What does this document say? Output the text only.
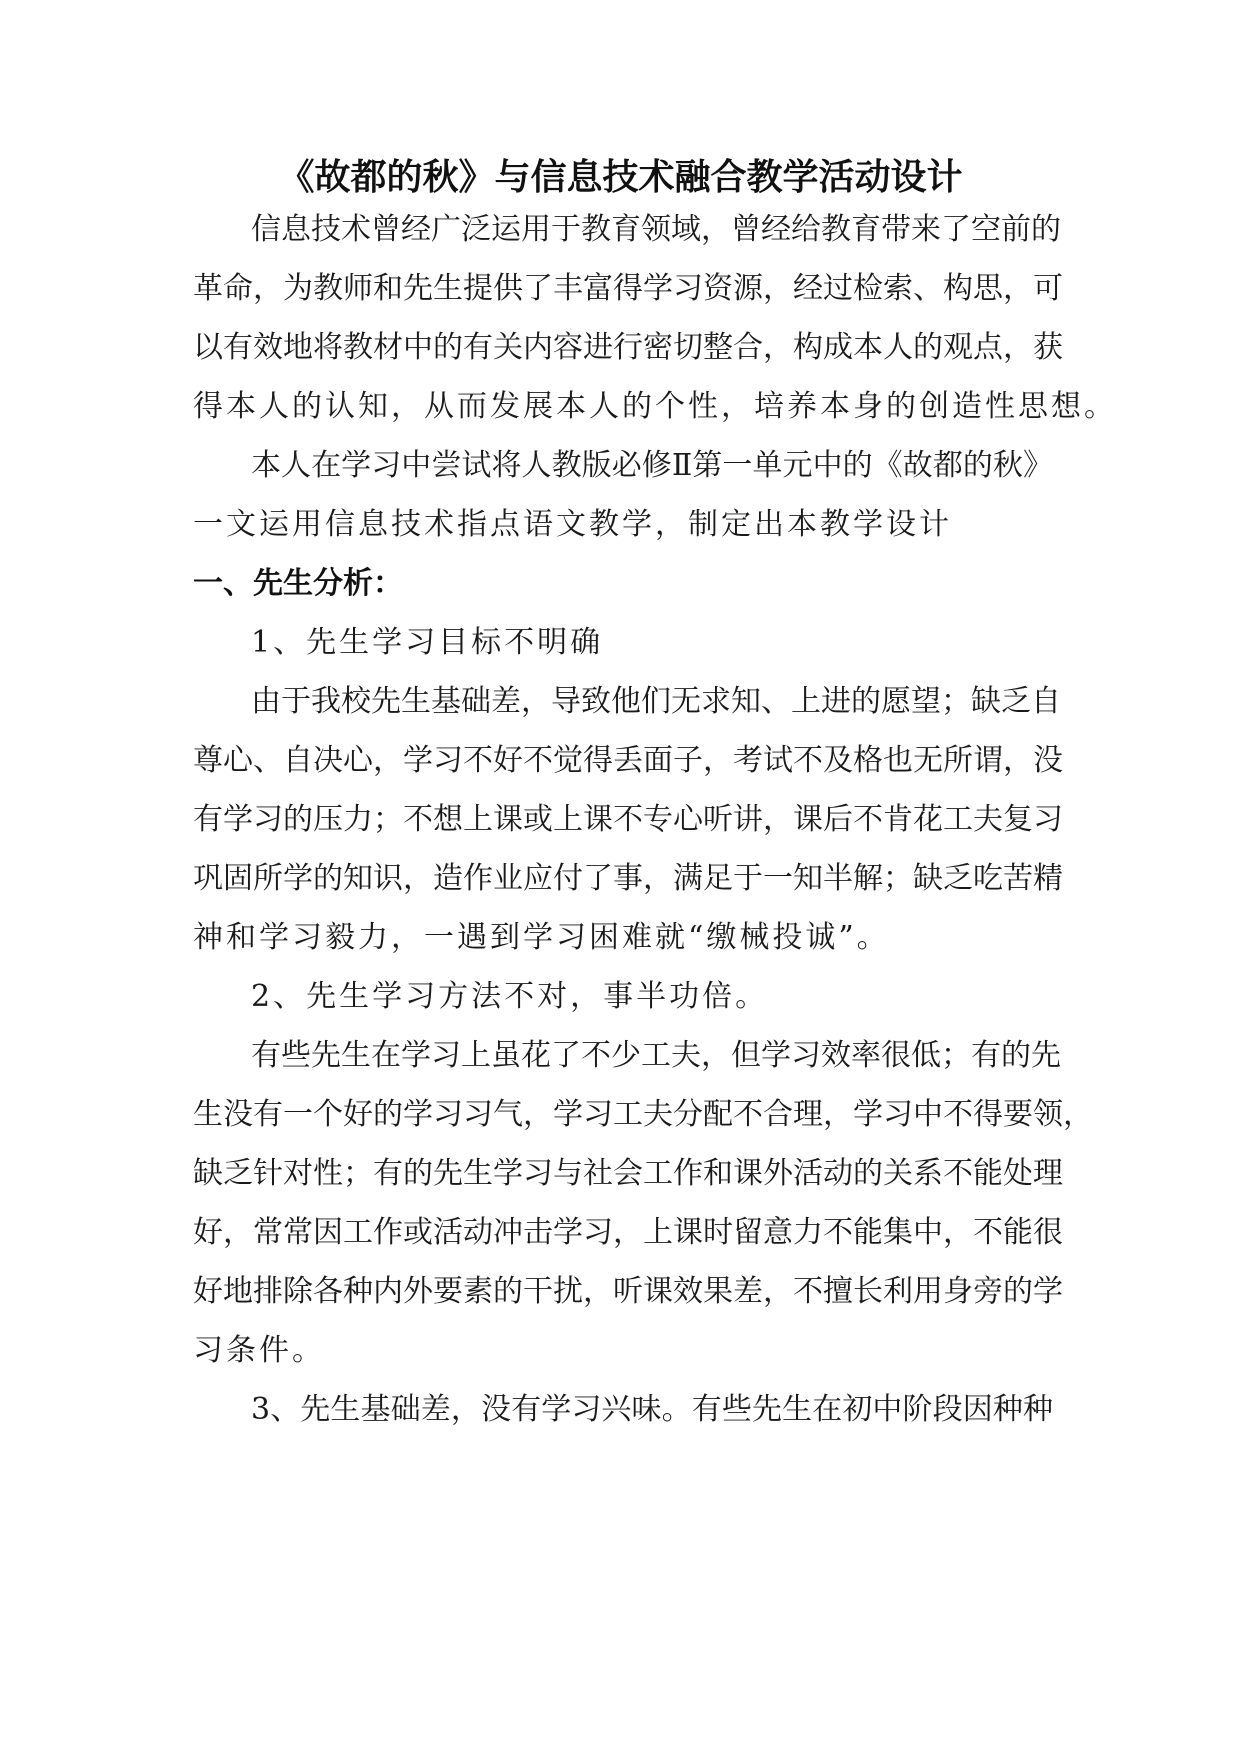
《故都的秋》与信息技术融合教学活动设计
信息技术曾经广泛运用于教育领域，曾经给教育带来了空前的
革命，为教师和先生提供了丰富得学习资源，经过检索、构思，可
以有效地将教材中的有关内容进行密切整合，构成本人的观点，获
得本人的认知，从而发展本人的个性，培养本身的创造性思想。
本人在学习中尝试将人教版必修Ⅱ第一单元中的《故都的秋》
一文运用信息技术指点语文教学，制定出本教学设计
一、先生分析：
1、先生学习目标不明确
由于我校先生基础差，导致他们无求知、上进的愿望；缺乏自
尊心、自决心，学习不好不觉得丢面子，考试不及格也无所谓，没
有学习的压力；不想上课或上课不专心听讲，课后不肯花工夫复习
巩固所学的知识，造作业应付了事，满足于一知半解；缺乏吃苦精
神和学习毅力，一遇到学习困难就“缴械投诚”。
2、先生学习方法不对，事半功倍。
有些先生在学习上虽花了不少工夫，但学习效率很低；有的先
生没有一个好的学习习气，学习工夫分配不合理，学习中不得要领，
缺乏针对性；有的先生学习与社会工作和课外活动的关系不能处理
好，常常因工作或活动冲击学习，上课时留意力不能集中，不能很
好地排除各种内外要素的干扰，听课效果差，不擅长利用身旁的学
习条件。
3、先生基础差，没有学习兴味。有些先生在初中阶段因种种
